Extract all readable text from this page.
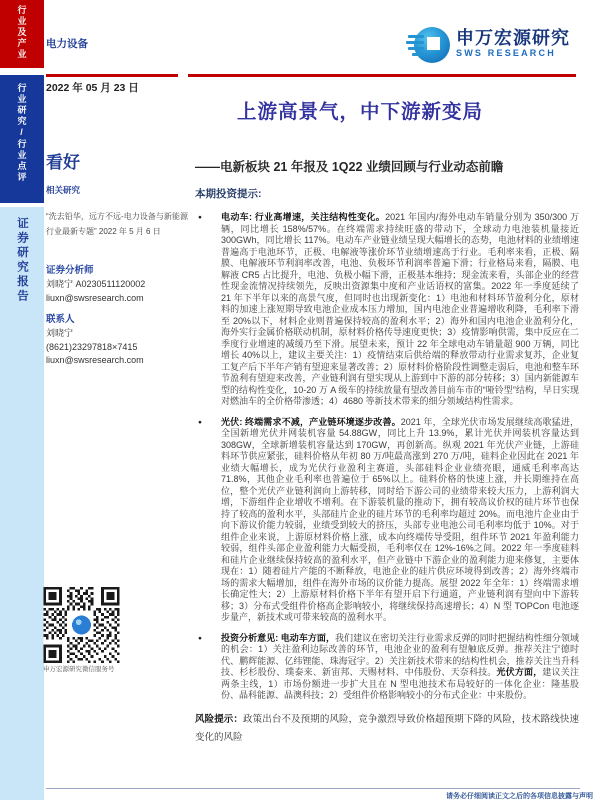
行业及产业
行业研究/行业点评
证券研究报告
电力设备	申万宏源研究
SWS RESEARCH
2022 年 05 月 23 日
看好
相关研究
“洗去铅华，远方不远-电力设备与新能源行业最新专题” 2022 年 5 月 6 日
证券分析师
刘晓宁 A0230511120002
liuxn@swsresearch.com
联系人
刘晓宁
(8621)23297818×7415
liuxn@swsresearch.com
申万宏源研究微信服务号
上游高景气，中下游新变局
——电新板块 21 年报及 1Q22 业绩回顾与行业动态前瞻
本期投资提示:
● 电动车: 行业高增速，关注结构性变化。2021 年国内/海外电动车销量分别为 350/300 万辆，同比增长 158%/57%。在终端需求持续旺盛的带动下，全球动力电池装机量接近 300GWh，同比增长 117%。电动车产业链业绩呈现大幅增长的态势，电池材料的业绩增速普遍高于电池环节，正极、电解液等涨价环节业绩增速高于行业。毛利率来看，正极、隔膜、电解液环节利润率改善，电池、负极环节利润率普遍下滑；行业格局来看，隔膜、电解液 CR5 占比提升，电池、负极小幅下滑，正极基本维持；现金流来看，头部企业的经营性现金流情况持续领先，反映出资源集中度和产业话语权的富集。2022 年一季度延续了 21 年下半年以来的高景气度，但同时也出现新变化：1）电池和材料环节盈利分化，原材料的加速上涨短期导致电池企业成本压力增加，国内电池企业普遍增收利降，毛利率下滑至 20%以下，材料企业则普遍保持较高的盈利水平；2）海外和国内电池企业盈利分化，海外实行金属价格联动机制，原材料价格传导速度更快；3）疫情影响供需，集中反应在二季度行业增速的减缓乃至下滑。展望未来，预计 22 年全球电动车销量超 900 万辆，同比增长 40%以上，建议主要关注：1）疫情结束后供给端的释放带动行业需求复苏，企业复工复产后下半年产销有望迎来显著改善；2）原材料价格阶段性调整走弱后，电池和整车环节盈利有望迎来改善，产业链利润有望实现从上游到中下游的部分转移；3）国内新能源车型的结构性变化，10-20 万 A 级车的持续放量有望改善目前车市的“哑铃型”结构，早日实现对燃油车的全价格带渗透；4）4680 等新技术带来的细分领域结构性需求。
● 光伏: 终端需求不减，产业链环境逐步改善。2021 年，全球光伏市场发展继续高歌猛进，全国新增光伏并网装机容量 54.88GW，同比上升 13.9%，累计光伏并网装机容量达到 308GW，全球新增装机容量达到 170GW，再创新高。纵观 2021 年光伏产业链，上游硅料环节供应紧张，硅料价格从年初 80 万/吨最高涨到 270 万/吨，硅料企业因此在 2021 年业绩大幅增长，成为光伏行业盈利主赛道，头部硅料企业业绩亮眼，通威毛利率高达 71.8%，其他企业毛利率也普遍位于 65%以上。硅料价格的快速上涨，并长期维持在高位，整个光伏产业链利润向上游转移，同时给下游公司的业绩带来较大压力，上游利润大增，下游组件企业增收不增利。在下游装机量的推动下，拥有较高议价权的硅片环节也保持了较高的盈利水平，头部硅片企业的硅片环节的毛利率均超过 20%。而电池片企业由于向下游议价能力较弱，业绩受到较大的挤压，头部专业电池公司毛利率均低于 10%。对于组件企业来说，上游原材料价格上涨，成本向终端传导受阻，组件环节 2021 年盈利能力较弱，组件头部企业盈利能力大幅受损，毛利率仅在 12%-16%之间。2022 年一季度硅料和硅片企业继续保持较高的盈利水平，但产业链中下游企业的盈利能力迎来修复，主要体现在：1）随着硅片产能的不断释放，电池企业的硅片供应环境得到改善；2）海外终端市场的需求大幅增加，组件在海外市场的议价能力提高。展望 2022 年全年：1）终端需求增长确定性大；2）上游原材料价格下半年有望开启下行通道，产业链利润有望向中下游转移；3）分布式受组件价格高企影响较小，将继续保持高速增长；4）N 型 TOPCon 电池逐步量产，新技术或可带来较高的盈利水平。
● 投资分析意见: 电动车方面，我们建议在密切关注行业需求反弹的同时把握结构性细分领域的机会：1）关注盈利边际改善的环节，电池企业的盈利有望触底反弹。推荐关注宁德时代、鹏辉能源、亿纬锂能、珠海冠宇。2）关注新技术带来的结构性机会，推荐关注当升科技、杉杉股份、璞泰来、新宙邦、天赐材料、中伟股份、天奈科技。光伏方面，建议关注两条主线，1）市场份额进一步扩大且在 N 型电池技术布局较好的一体化企业：隆基股份、晶科能源、晶澳科技；2）受组件价格影响较小的分布式企业：中来股份。
风险提示：政策出台不及预期的风险，竞争激烈导致价格超预期下降的风险，技术路线快速变化的风险
请务必仔细阅读正文之后的各项信息披露与声明
